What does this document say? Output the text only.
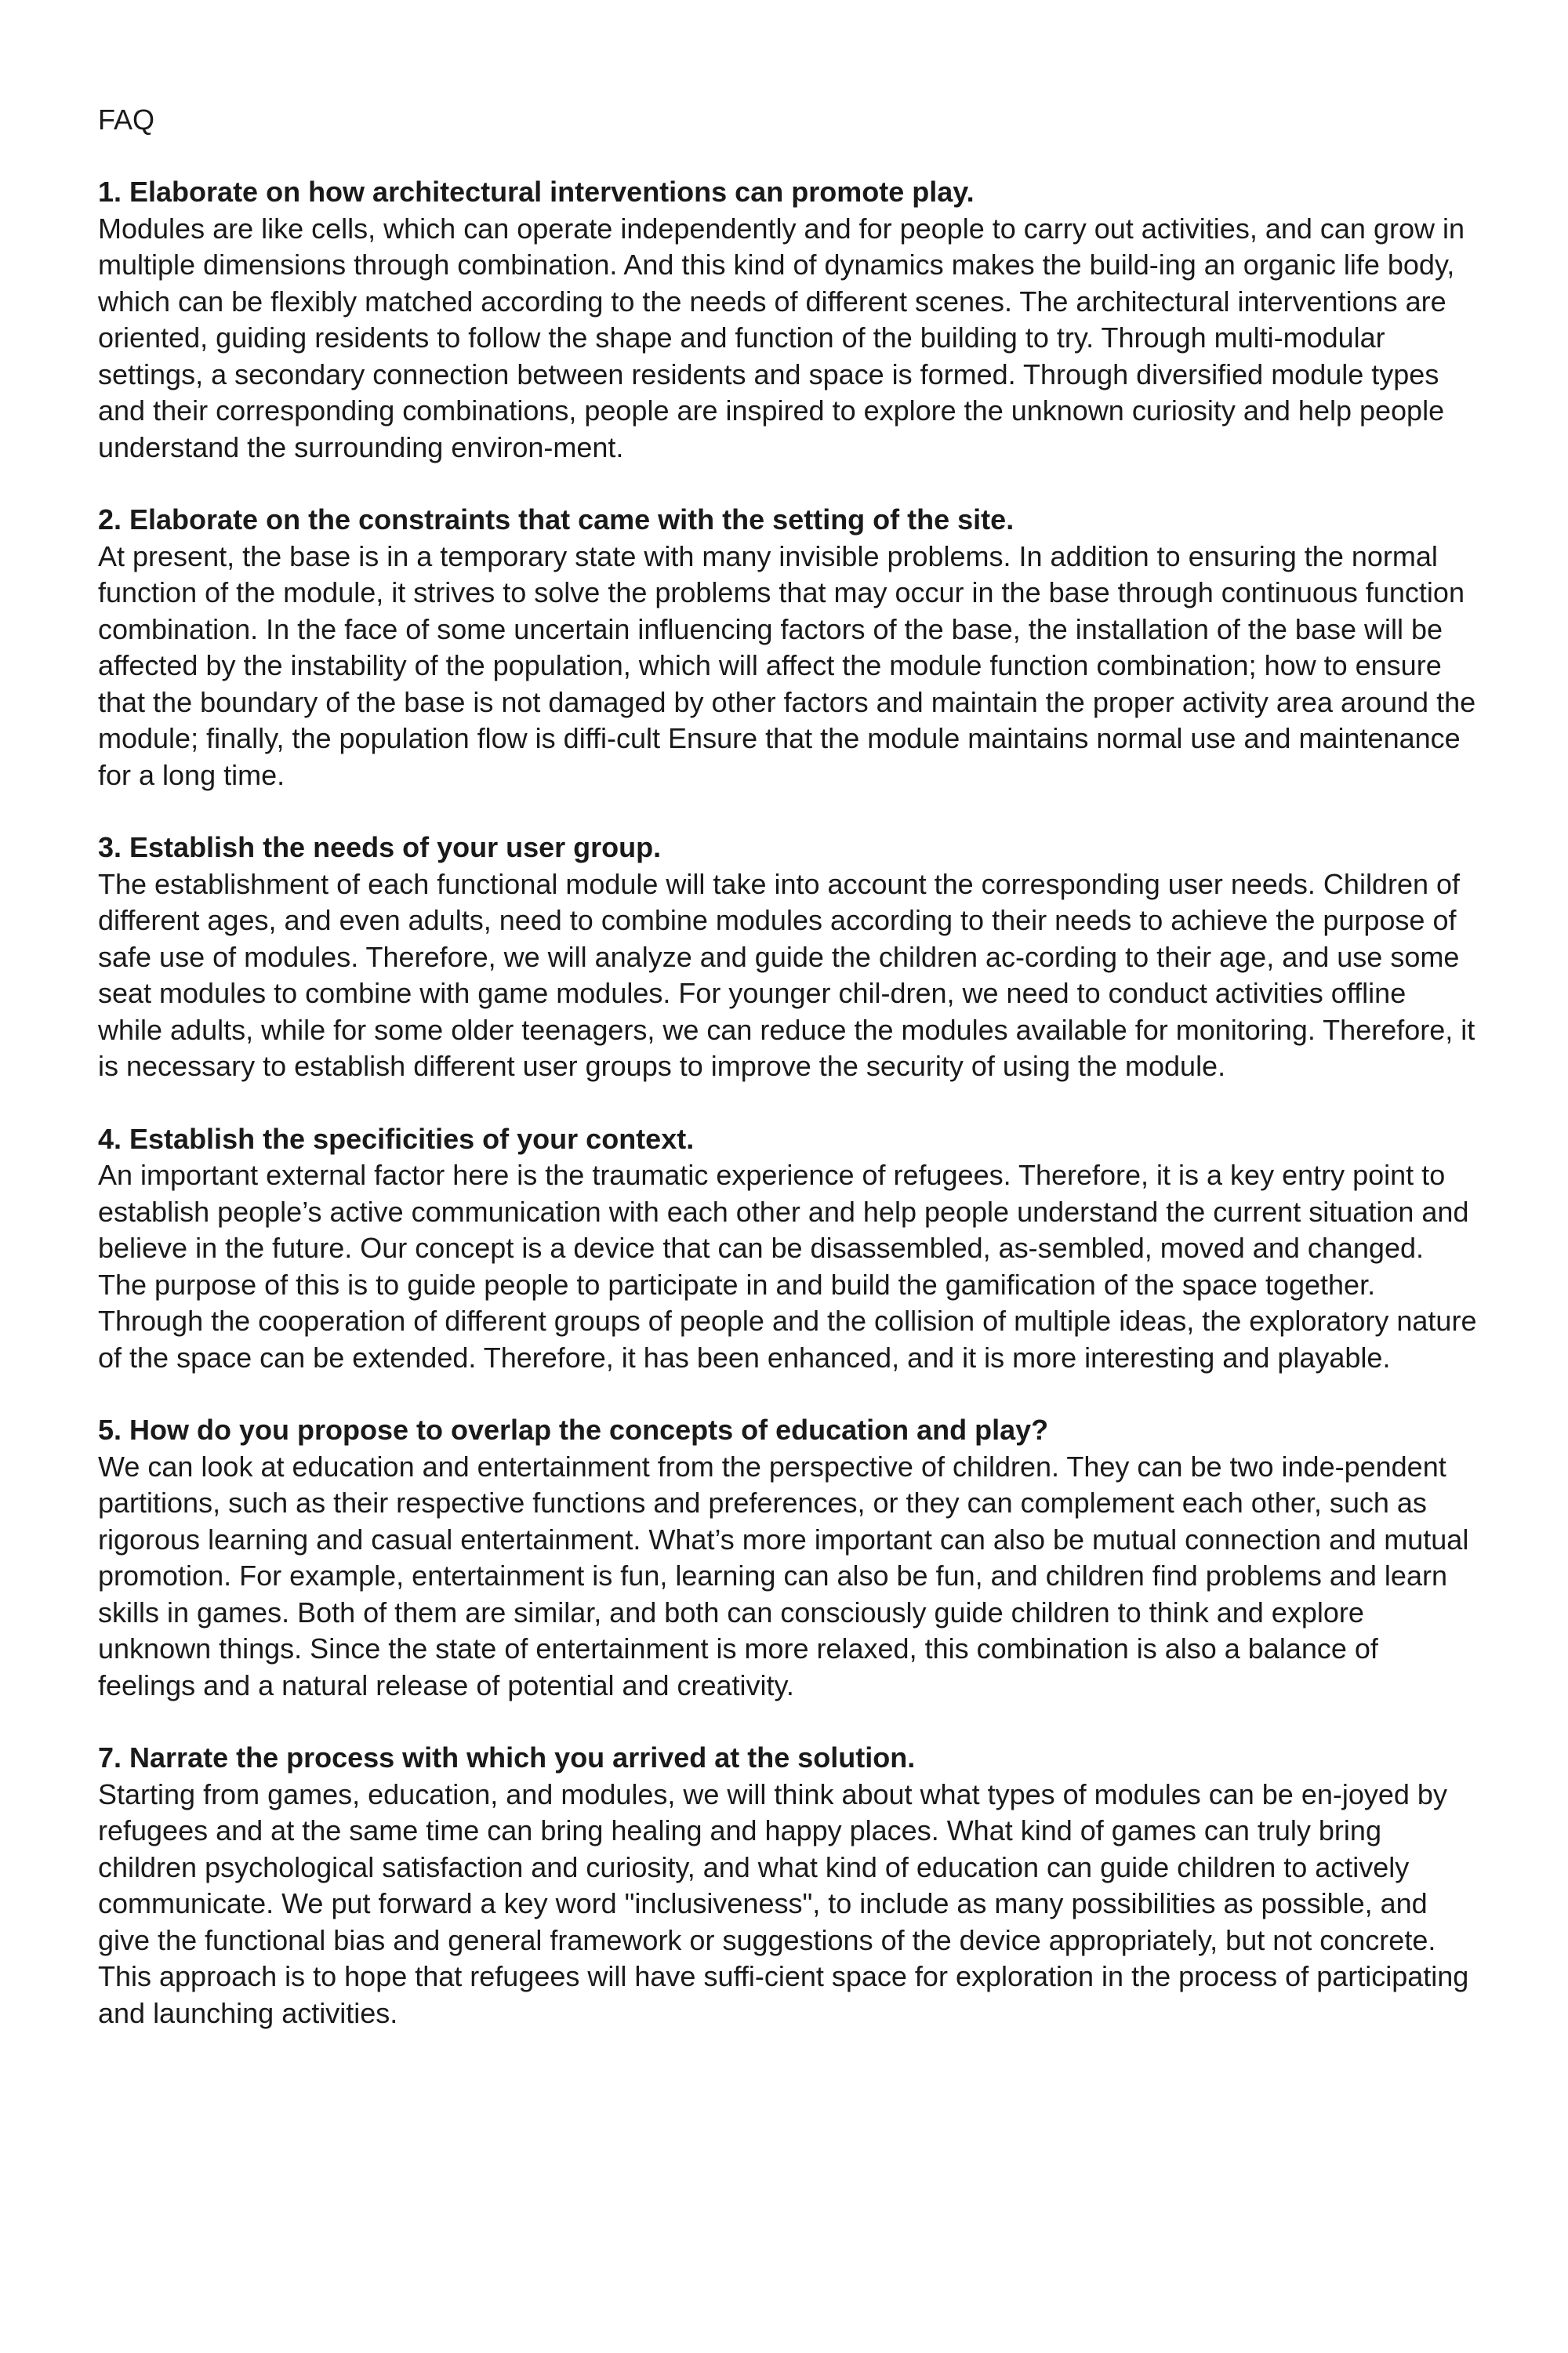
FAQ

1. Elaborate on how architectural interventions can promote play.

Modules are like cells, which can operate independently and for people to carry out activities, and can grow in multiple dimensions through combination. And this kind of dynamics makes the build-ing an organic life body, which can be flexibly matched according to the needs of different scenes. The architectural interventions are oriented, guiding residents to follow the shape and function of the building to try. Through multi-modular settings, a secondary connection between residents and space is formed. Through diversified module types and their corresponding combinations, people are inspired to explore the unknown curiosity and help people understand the surrounding environ-ment.

2. Elaborate on the constraints that came with the setting of the site.

At present, the base is in a temporary state with many invisible problems. In addition to ensuring the normal function of the module, it strives to solve the problems that may occur in the base through continuous function combination. In the face of some uncertain influencing factors of the base, the installation of the base will be affected by the instability of the population, which will affect the module function combination; how to ensure that the boundary of the base is not damaged by other factors and maintain the proper activity area around the module; finally, the population flow is diffi-cult Ensure that the module maintains normal use and maintenance for a long time.

3. Establish the needs of your user group.

The establishment of each functional module will take into account the corresponding user needs. Children of different ages, and even adults, need to combine modules according to their needs to achieve the purpose of safe use of modules. Therefore, we will analyze and guide the children ac-cording to their age, and use some seat modules to combine with game modules. For younger chil-dren, we need to conduct activities offline while adults, while for some older teenagers, we can reduce the modules available for monitoring. Therefore, it is necessary to establish different user groups to improve the security of using the module.

4. Establish the specificities of your context.

An important external factor here is the traumatic experience of refugees. Therefore, it is a key entry point to establish people’s active communication with each other and help people understand the current situation and believe in the future. Our concept is a device that can be disassembled, as-sembled, moved and changed. The purpose of this is to guide people to participate in and build the gamification of the space together. Through the cooperation of different groups of people and the collision of multiple ideas, the exploratory nature of the space can be extended. Therefore, it has been enhanced, and it is more interesting and playable.

5. How do you propose to overlap the concepts of education and play?

We can look at education and entertainment from the perspective of children. They can be two inde-pendent partitions, such as their respective functions and preferences, or they can complement each other, such as rigorous learning and casual entertainment. What’s more important can also be mutual connection and mutual promotion. For example, entertainment is fun, learning can also be fun, and children find problems and learn skills in games. Both of them are similar, and both can consciously guide children to think and explore unknown things. Since the state of entertainment is more relaxed, this combination is also a balance of feelings and a natural release of potential and creativity.

7. Narrate the process with which you arrived at the solution.

Starting from games, education, and modules, we will think about what types of modules can be en-joyed by refugees and at the same time can bring healing and happy places. What kind of games can truly bring children psychological satisfaction and curiosity, and what kind of education can guide children to actively communicate. We put forward a key word "inclusiveness", to include as many possibilities as possible, and give the functional bias and general framework or suggestions of the device appropriately, but not concrete. This approach is to hope that refugees will have suffi-cient space for exploration in the process of participating and launching activities.
